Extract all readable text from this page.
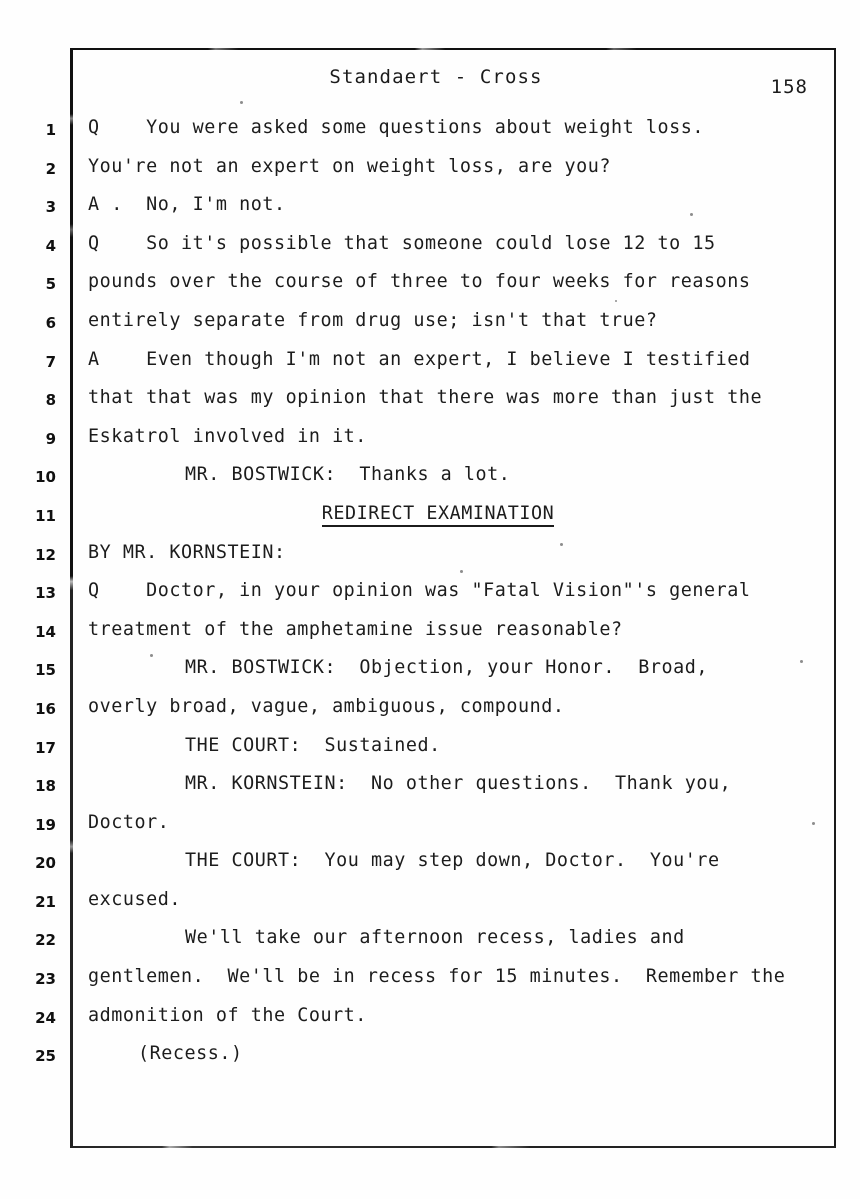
Standaert - Cross	158
1 Q    You were asked some questions about weight loss.
2 You're not an expert on weight loss, are you?
3 A .  No, I'm not.
4 Q    So it's possible that someone could lose 12 to 15
5 pounds over the course of three to four weeks for reasons
6 entirely separate from drug use; isn't that true?
7 A    Even though I'm not an expert, I believe I testified
8 that that was my opinion that there was more than just the
9 Eskatrol involved in it.
10	MR. BOSTWICK:  Thanks a lot.
11	REDIRECT EXAMINATION
12 BY MR. KORNSTEIN:
13 Q    Doctor, in your opinion was "Fatal Vision"'s general
14 treatment of the amphetamine issue reasonable?
15	MR. BOSTWICK:  Objection, your Honor.  Broad,
16 overly broad, vague, ambiguous, compound.
17	THE COURT:  Sustained.
18	MR. KORNSTEIN:  No other questions.  Thank you,
19 Doctor.
20	THE COURT:  You may step down, Doctor.  You're
21 excused.
22	We'll take our afternoon recess, ladies and
23 gentlemen.  We'll be in recess for 15 minutes.  Remember the
24 admonition of the Court.
25	(Recess.)
